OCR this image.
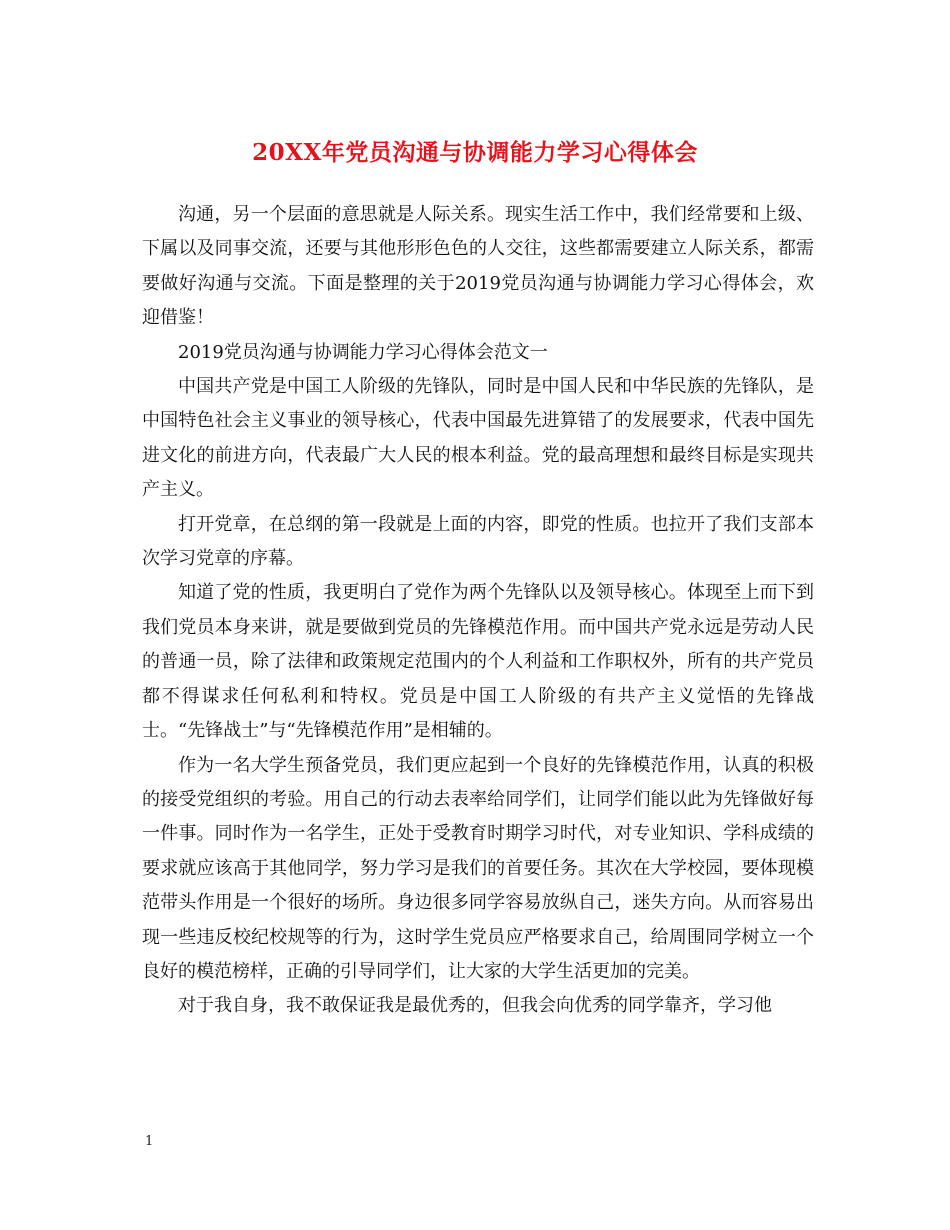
20XX年党员沟通与协调能力学习心得体会

沟通，另一个层面的意思就是人际关系。现实生活工作中，我们经常要和上级、下属以及同事交流，还要与其他形形色色的人交往，这些都需要建立人际关系，都需要做好沟通与交流。下面是整理的关于2019党员沟通与协调能力学习心得体会，欢迎借鉴！

2019党员沟通与协调能力学习心得体会范文一

中国共产党是中国工人阶级的先锋队，同时是中国人民和中华民族的先锋队，是中国特色社会主义事业的领导核心，代表中国最先进算错了的发展要求，代表中国先进文化的前进方向，代表最广大人民的根本利益。党的最高理想和最终目标是实现共产主义。

打开党章，在总纲的第一段就是上面的内容，即党的性质。也拉开了我们支部本次学习党章的序幕。

知道了党的性质，我更明白了党作为两个先锋队以及领导核心。体现至上而下到我们党员本身来讲，就是要做到党员的先锋模范作用。而中国共产党永远是劳动人民的普通一员，除了法律和政策规定范围内的个人利益和工作职权外，所有的共产党员都不得谋求任何私利和特权。党员是中国工人阶级的有共产主义觉悟的先锋战士。“先锋战士”与“先锋模范作用”是相辅的。

作为一名大学生预备党员，我们更应起到一个良好的先锋模范作用，认真的积极的接受党组织的考验。用自己的行动去表率给同学们，让同学们能以此为先锋做好每一件事。同时作为一名学生，正处于受教育时期学习时代，对专业知识、学科成绩的要求就应该高于其他同学，努力学习是我们的首要任务。其次在大学校园，要体现模范带头作用是一个很好的场所。身边很多同学容易放纵自己，迷失方向。从而容易出现一些违反校纪校规等的行为，这时学生党员应严格要求自己，给周围同学树立一个良好的模范榜样，正确的引导同学们，让大家的大学生活更加的完美。

对于我自身，我不敢保证我是最优秀的，但我会向优秀的同学靠齐，学习他

1
